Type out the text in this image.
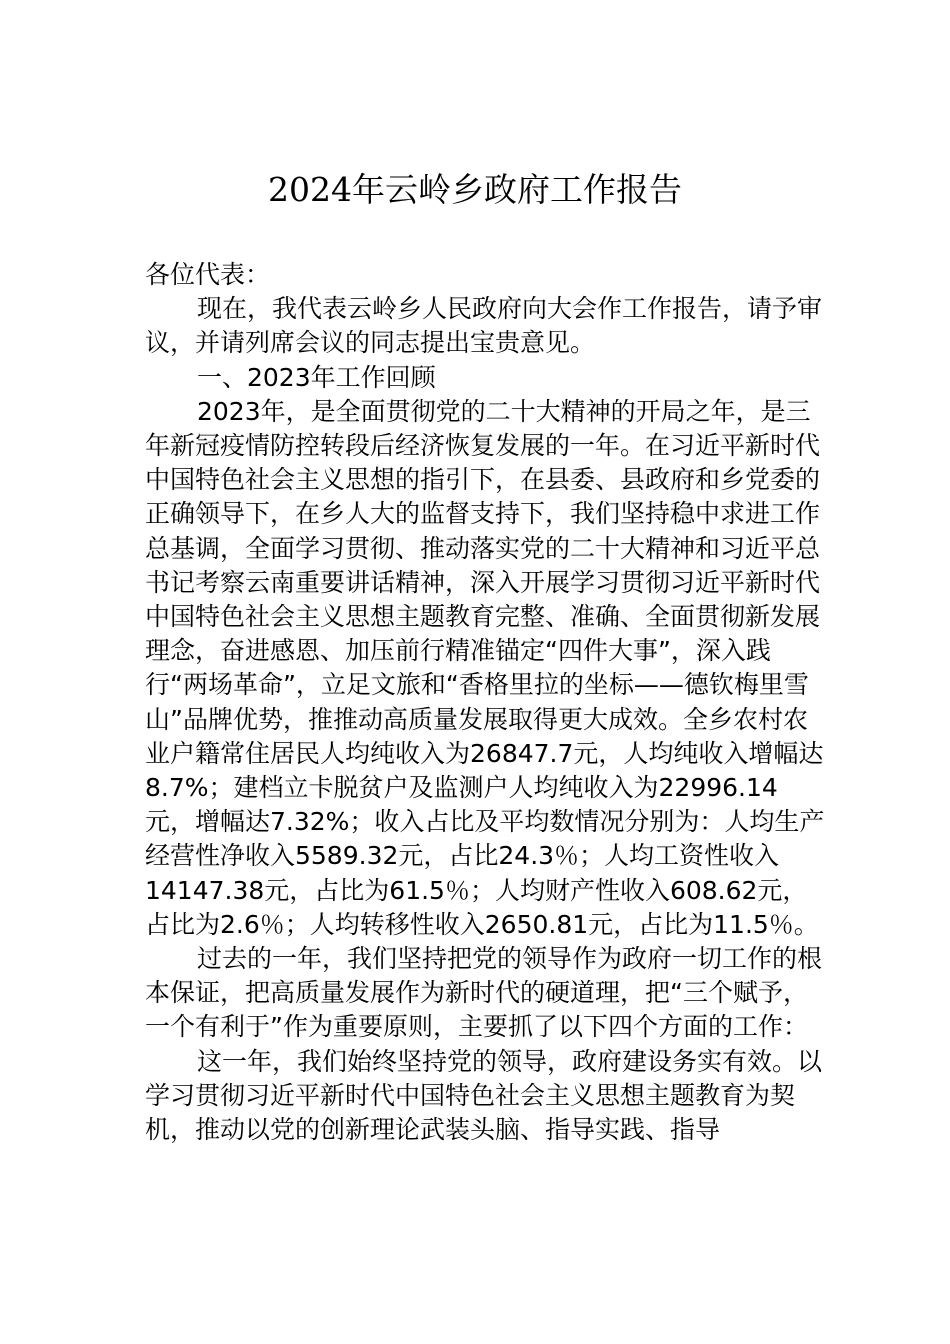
2024年云岭乡政府工作报告

各位代表：

现在，我代表云岭乡人民政府向大会作工作报告，请予审议，并请列席会议的同志提出宝贵意见。

一、2023年工作回顾

2023年，是全面贯彻党的二十大精神的开局之年，是三年新冠疫情防控转段后经济恢复发展的一年。在习近平新时代中国特色社会主义思想的指引下，在县委、县政府和乡党委的正确领导下，在乡人大的监督支持下，我们坚持稳中求进工作总基调，全面学习贯彻、推动落实党的二十大精神和习近平总书记考察云南重要讲话精神，深入开展学习贯彻习近平新时代中国特色社会主义思想主题教育完整、准确、全面贯彻新发展理念，奋进感恩、加压前行精准锚定“四件大事”，深入践行“两场革命”，立足文旅和“香格里拉的坐标——德钦梅里雪山”品牌优势，推推动高质量发展取得更大成效。全乡农村农业户籍常住居民人均纯收入为26847.7元，人均纯收入增幅达8.7%；建档立卡脱贫户及监测户人均纯收入为22996.14元，增幅达7.32%；收入占比及平均数情况分别为：人均生产经营性净收入5589.32元，占比24.3％；人均工资性收入14147.38元，占比为61.5％；人均财产性收入608.62元，占比为2.6％；人均转移性收入2650.81元，占比为11.5％。

过去的一年，我们坚持把党的领导作为政府一切工作的根本保证，把高质量发展作为新时代的硬道理，把“三个赋予，一个有利于”作为重要原则，主要抓了以下四个方面的工作：

这一年，我们始终坚持党的领导，政府建设务实有效。以学习贯彻习近平新时代中国特色社会主义思想主题教育为契机，推动以党的创新理论武装头脑、指导实践、指导
